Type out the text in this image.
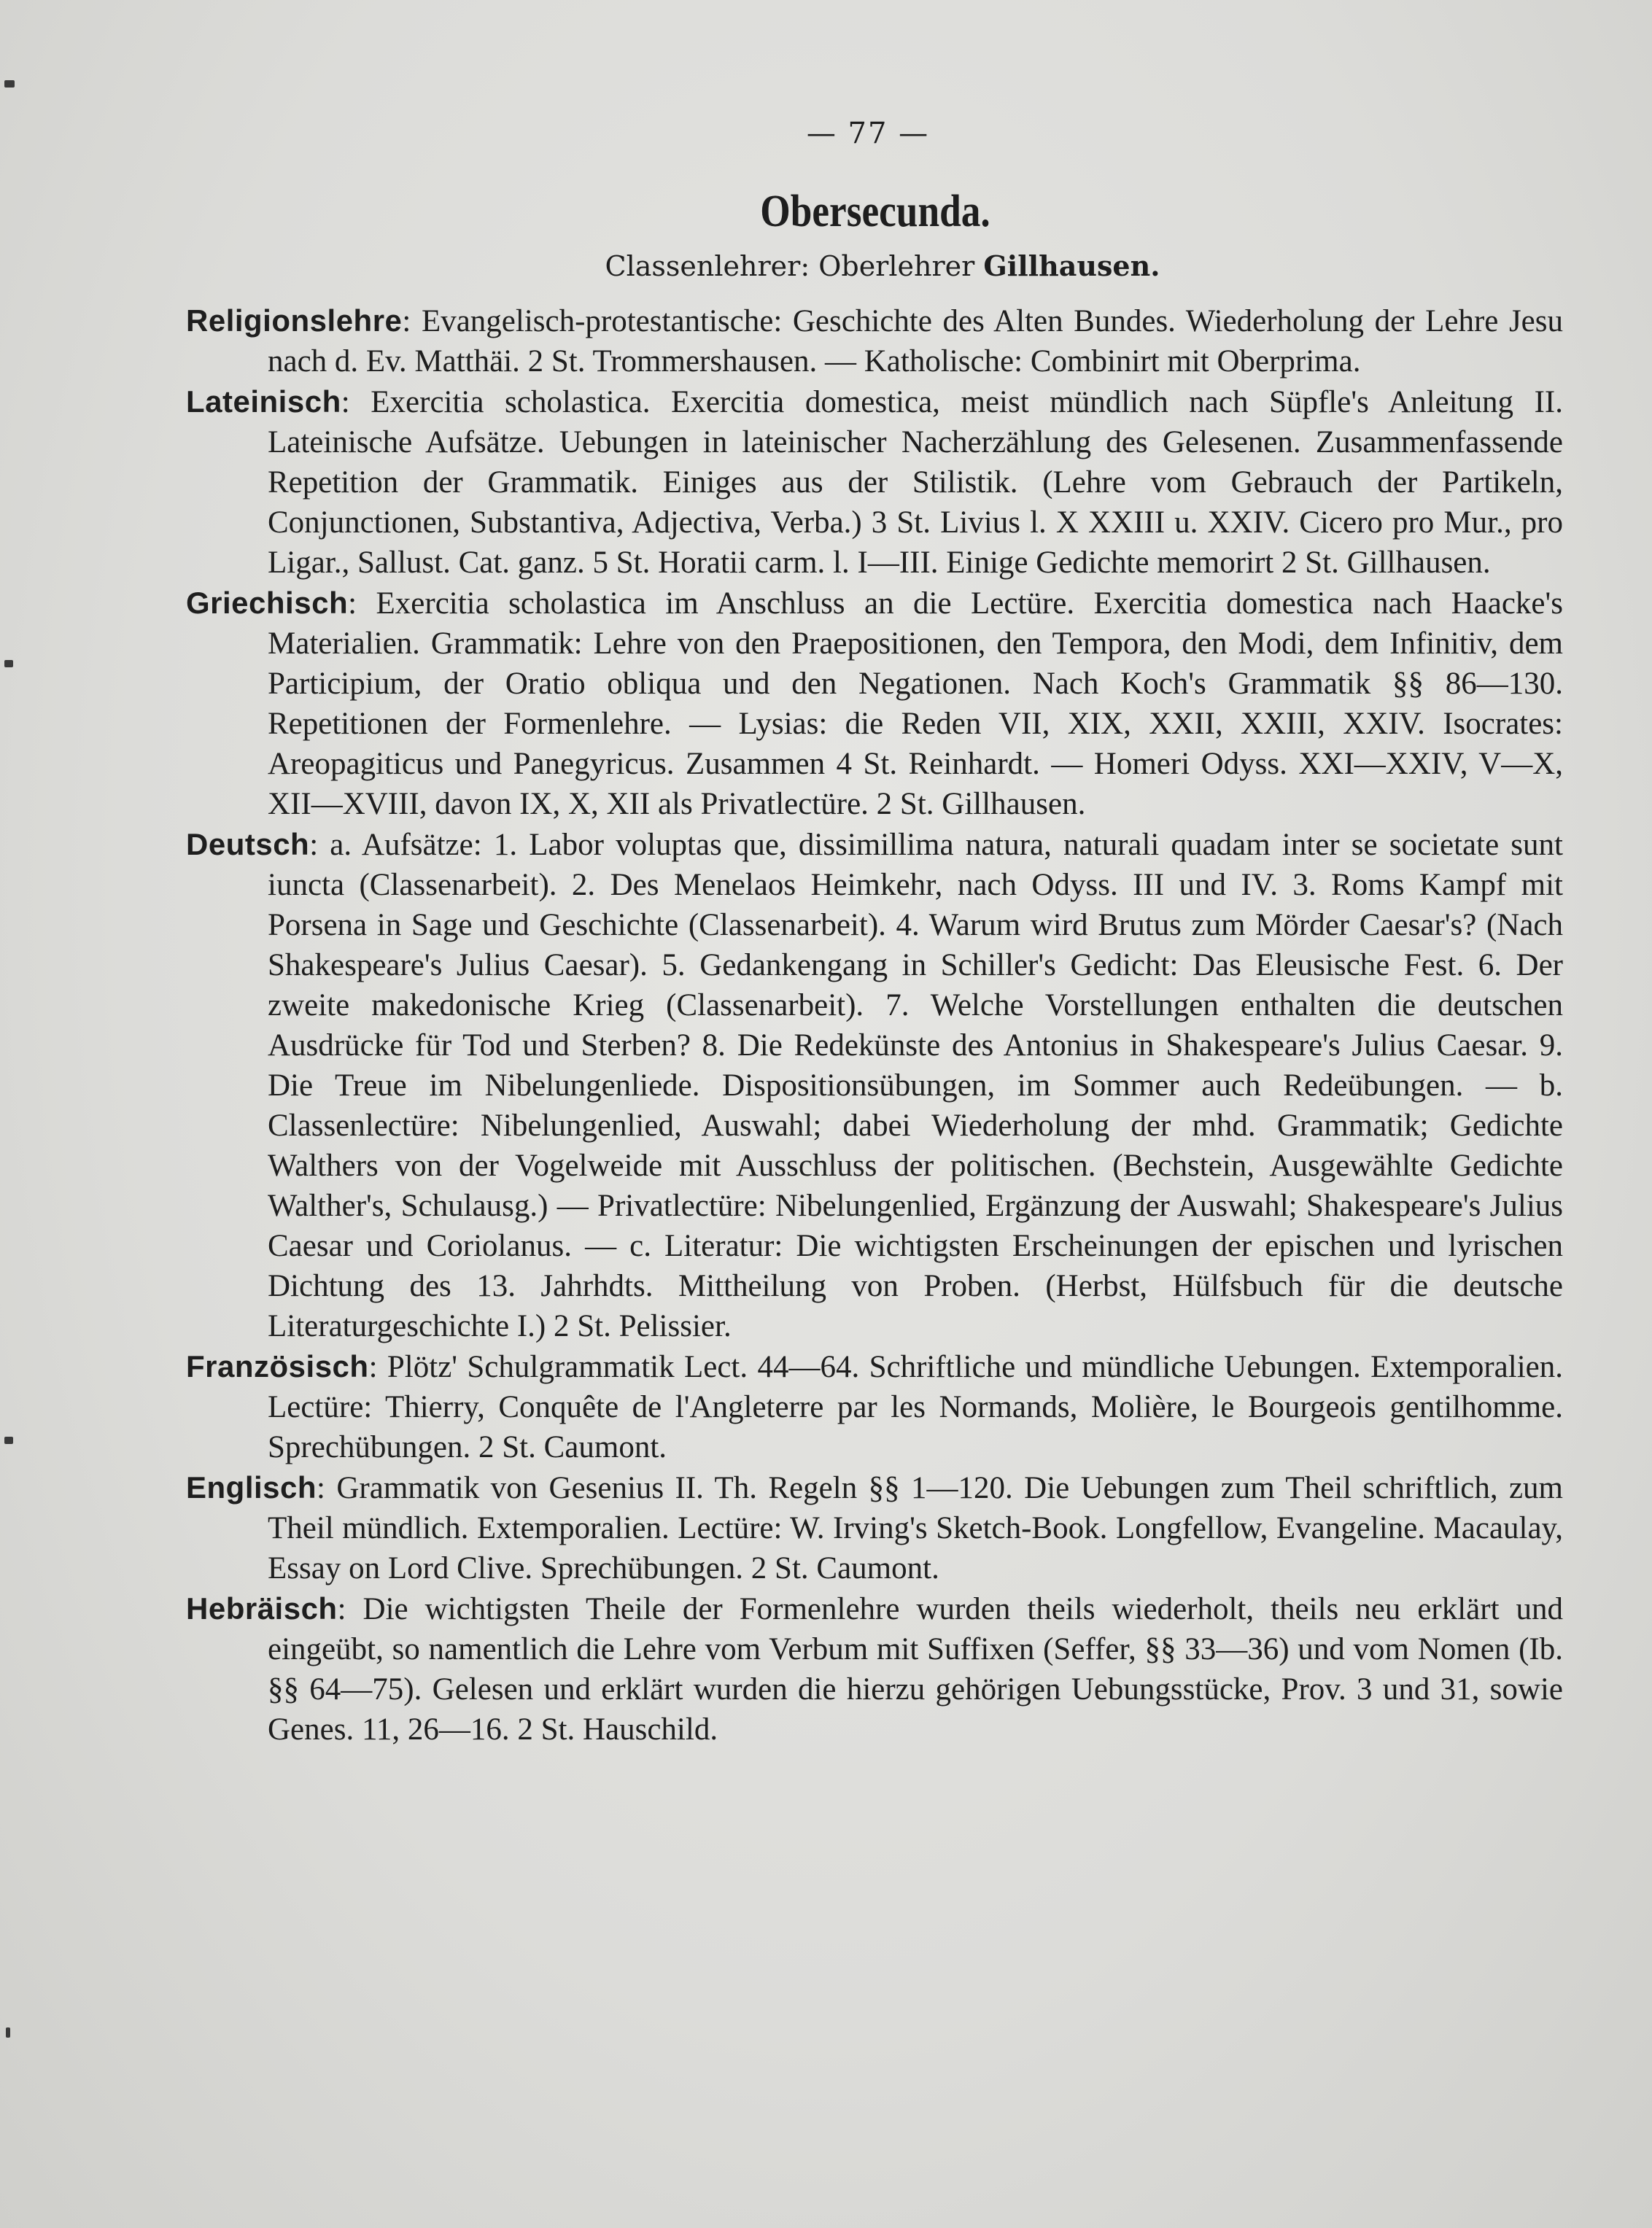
— 77 —
Obersecunda.
Classenlehrer: Oberlehrer Gillhausen.

Religionslehre: Evangelisch-protestantische: Geschichte des Alten Bundes. Wiederholung der Lehre Jesu nach d. Ev. Matthäi. 2 St. Trommershausen. — Katholische: Combinirt mit Oberprima.

Lateinisch: Exercitia scholastica. Exercitia domestica, meist mündlich nach Süpfle's Anleitung II. Lateinische Aufsätze. Uebungen in lateinischer Nacherzählung des Gelesenen. Zusammenfassende Repetition der Grammatik. Einiges aus der Stilistik. (Lehre vom Gebrauch der Partikeln, Conjunctionen, Substantiva, Adjectiva, Verba.) 3 St. Livius l. X XXIII u. XXIV. Cicero pro Mur., pro Ligar., Sallust. Cat. ganz. 5 St. Horatii carm. l. I—III. Einige Gedichte memorirt 2 St. Gillhausen.

Griechisch: Exercitia scholastica im Anschluss an die Lectüre. Exercitia domestica nach Haacke's Materialien. Grammatik: Lehre von den Praepositionen, den Tempora, den Modi, dem Infinitiv, dem Participium, der Oratio obliqua und den Negationen. Nach Koch's Grammatik §§ 86—130. Repetitionen der Formenlehre. — Lysias: die Reden VII, XIX, XXII, XXIII, XXIV. Isocrates: Areopagiticus und Panegyricus. Zusammen 4 St. Reinhardt. — Homeri Odyss. XXI—XXIV, V—X, XII—XVIII, davon IX, X, XII als Privatlectüre. 2 St. Gillhausen.

Deutsch: a. Aufsätze: 1. Labor voluptas que, dissimillima natura, naturali quadam inter se societate sunt iuncta (Classenarbeit). 2. Des Menelaos Heimkehr, nach Odyss. III und IV. 3. Roms Kampf mit Porsena in Sage und Geschichte (Classenarbeit). 4. Warum wird Brutus zum Mörder Caesar's? (Nach Shakespeare's Julius Caesar). 5. Gedankengang in Schiller's Gedicht: Das Eleusische Fest. 6. Der zweite makedonische Krieg (Classenarbeit). 7. Welche Vorstellungen enthalten die deutschen Ausdrücke für Tod und Sterben? 8. Die Redekünste des Antonius in Shakespeare's Julius Caesar. 9. Die Treue im Nibelungenliede. Dispositionsübungen, im Sommer auch Redeübungen. — b. Classenlectüre: Nibelungenlied, Auswahl; dabei Wiederholung der mhd. Grammatik; Gedichte Walthers von der Vogelweide mit Ausschluss der politischen. (Bechstein, Ausgewählte Gedichte Walther's, Schulausg.) — Privatlectüre: Nibelungenlied, Ergänzung der Auswahl; Shakespeare's Julius Caesar und Coriolanus. — c. Literatur: Die wichtigsten Erscheinungen der epischen und lyrischen Dichtung des 13. Jahrhdts. Mittheilung von Proben. (Herbst, Hülfsbuch für die deutsche Literaturgeschichte I.) 2 St. Pelissier.

Französisch: Plötz' Schulgrammatik Lect. 44—64. Schriftliche und mündliche Uebungen. Extemporalien. Lectüre: Thierry, Conquête de l'Angleterre par les Normands, Molière, le Bourgeois gentilhomme. Sprechübungen. 2 St. Caumont.

Englisch: Grammatik von Gesenius II. Th. Regeln §§ 1—120. Die Uebungen zum Theil schriftlich, zum Theil mündlich. Extemporalien. Lectüre: W. Irving's Sketch-Book. Longfellow, Evangeline. Macaulay, Essay on Lord Clive. Sprechübungen. 2 St. Caumont.

Hebräisch: Die wichtigsten Theile der Formenlehre wurden theils wiederholt, theils neu erklärt und eingeübt, so namentlich die Lehre vom Verbum mit Suffixen (Seffer, §§ 33—36) und vom Nomen (Ib. §§ 64—75). Gelesen und erklärt wurden die hierzu gehörigen Uebungsstücke, Prov. 3 und 31, sowie Genes. 11, 26—16. 2 St. Hauschild.
